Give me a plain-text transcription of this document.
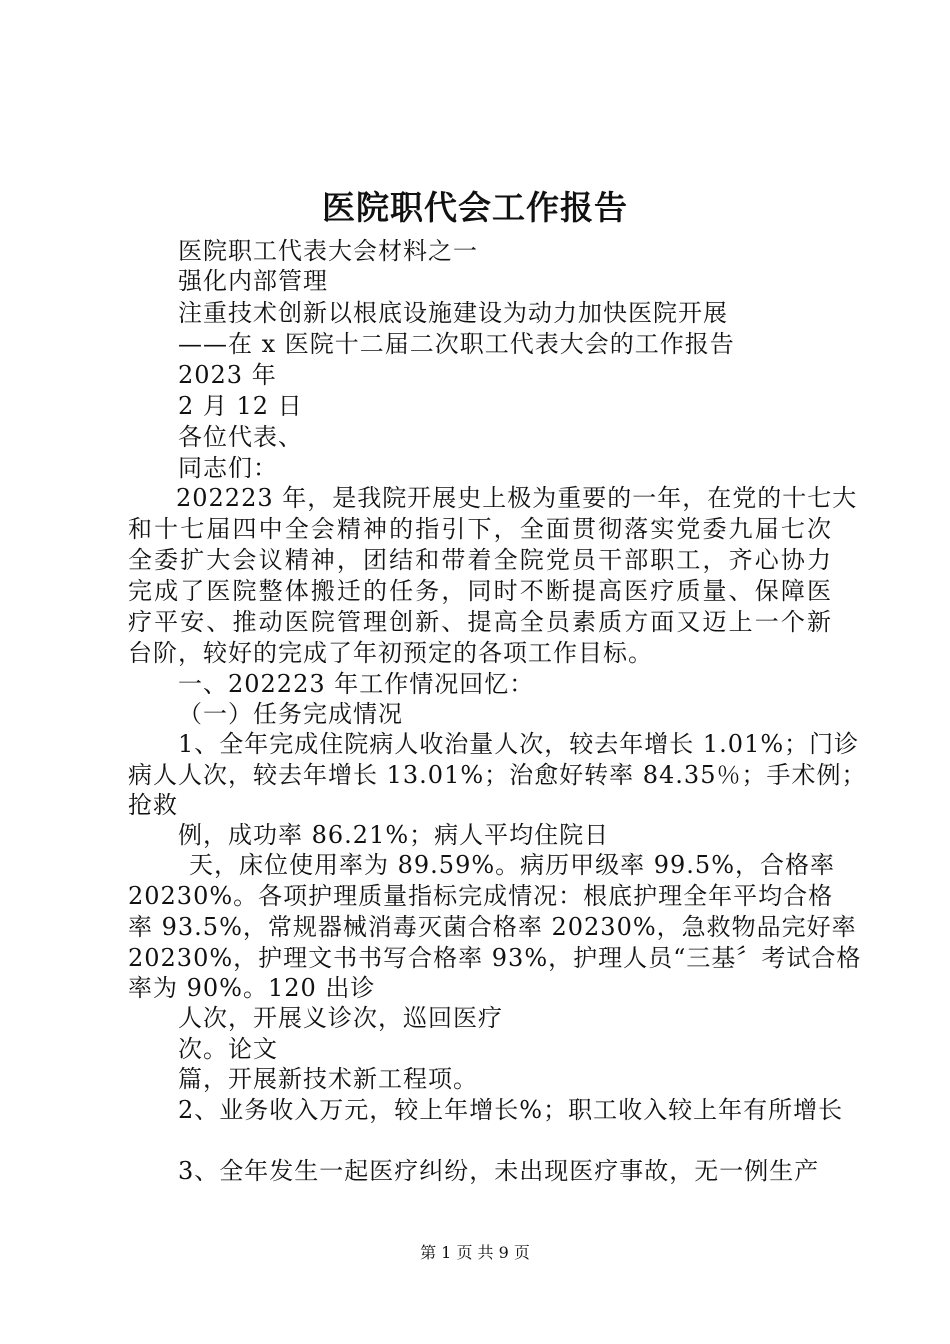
医院职代会工作报告
医院职工代表大会材料之一
强化内部管理
注重技术创新以根底设施建设为动力加快医院开展
——在 x 医院十二届二次职工代表大会的工作报告
2023 年
2 月 12 日
各位代表、
同志们：
202223 年，是我院开展史上极为重要的一年，在党的十七大
和十七届四中全会精神的指引下，全面贯彻落实党委九届七次
全委扩大会议精神，团结和带着全院党员干部职工，齐心协力
完成了医院整体搬迁的任务，同时不断提高医疗质量、保障医
疗平安、推动医院管理创新、提高全员素质方面又迈上一个新
台阶，较好的完成了年初预定的各项工作目标。
一、202223 年工作情况回忆：
（一）任务完成情况
1、全年完成住院病人收治量人次，较去年增长 1.01%；门诊
病人人次，较去年增长 13.01%；治愈好转率 84.35％；手术例；
抢救
例，成功率 86.21%；病人平均住院日
天，床位使用率为 89.59%。病历甲级率 99.5%，合格率
20230%。各项护理质量指标完成情况：根底护理全年平均合格
率 93.5%，常规器械消毒灭菌合格率 20230%，急救物品完好率
20230%，护理文书书写合格率 93%，护理人员“三基〞考试合格
率为 90%。120 出诊
人次，开展义诊次，巡回医疗
次。论文
篇，开展新技术新工程项。
2、业务收入万元，较上年增长%；职工收入较上年有所增长
3、全年发生一起医疗纠纷，未出现医疗事故，无一例生产
第 1 页 共 9 页
